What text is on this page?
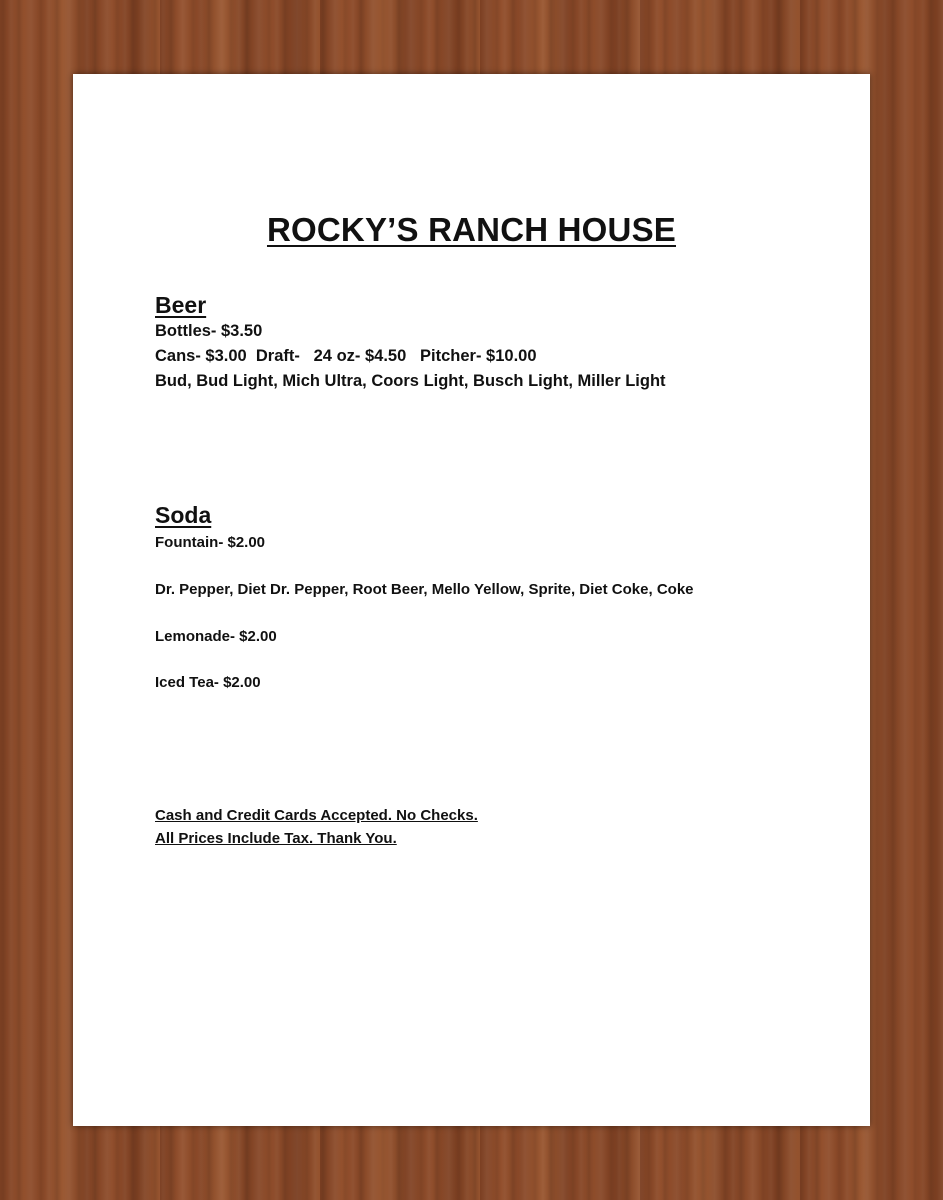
ROCKY’S RANCH HOUSE

Beer

Bottles- $3.50

Cans- $3.00  Draft-   24 oz- $4.50   Pitcher- $10.00

Bud, Bud Light, Mich Ultra, Coors Light, Busch Light, Miller Light

Soda

Fountain- $2.00

Dr. Pepper, Diet Dr. Pepper, Root Beer, Mello Yellow, Sprite, Diet Coke, Coke

Lemonade- $2.00

Iced Tea- $2.00

Cash and Credit Cards Accepted. No Checks.

All Prices Include Tax. Thank You.
